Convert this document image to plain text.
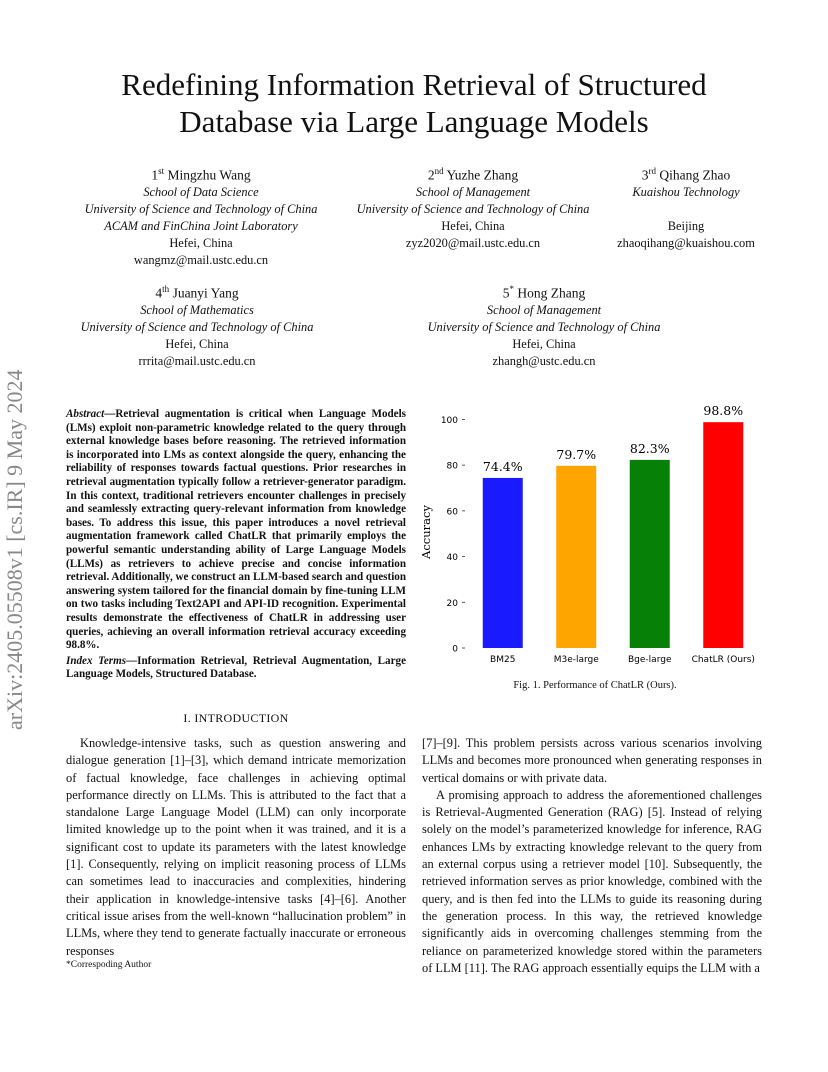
arXiv:2405.05508v1 [cs.IR] 9 May 2024
Redefining Information Retrieval of Structured
Database via Large Language Models
1st Mingzhu Wang
School of Data Science
University of Science and Technology of China
ACAM and FinChina Joint Laboratory
Hefei, China
wangmz@mail.ustc.edu.cn
2nd Yuzhe Zhang
School of Management
University of Science and Technology of China
Hefei, China
zyz2020@mail.ustc.edu.cn
3rd Qihang Zhao
Kuaishou Technology
Beijing
zhaoqihang@kuaishou.com
4th Juanyi Yang
School of Mathematics
University of Science and Technology of China
Hefei, China
rrrita@mail.ustc.edu.cn
5* Hong Zhang
School of Management
University of Science and Technology of China
Hefei, China
zhangh@ustc.edu.cn

Abstract—Retrieval augmentation is critical when Language Models (LMs) exploit non-parametric knowledge related to the query through external knowledge bases before reasoning. The retrieved information is incorporated into LMs as context alongside the query, enhancing the reliability of responses towards factual questions. Prior researches in retrieval augmentation typically follow a retriever-generator paradigm. In this context, traditional retrievers encounter challenges in precisely and seamlessly extracting query-relevant information from knowledge bases. To address this issue, this paper introduces a novel retrieval augmentation framework called ChatLR that primarily employs the powerful semantic understanding ability of Large Language Models (LLMs) as retrievers to achieve precise and concise information retrieval. Additionally, we construct an LLM-based search and question answering system tailored for the financial domain by fine-tuning LLM on two tasks including Text2API and API-ID recognition. Experimental results demonstrate the effectiveness of ChatLR in addressing user queries, achieving an overall information retrieval accuracy exceeding 98.8%.

Index Terms—Information Retrieval, Retrieval Augmentation, Large Language Models, Structured Database.

I. INTRODUCTION

Knowledge-intensive tasks, such as question answering and dialogue generation [1]–[3], which demand intricate memorization of factual knowledge, face challenges in achieving optimal performance directly on LLMs. This is attributed to the fact that a standalone Large Language Model (LLM) can only incorporate limited knowledge up to the point when it was trained, and it is a significant cost to update its parameters with the latest knowledge [1]. Consequently, relying on implicit reasoning process of LLMs can sometimes lead to inaccuracies and complexities, hindering their application in knowledge-intensive tasks [4]–[6]. Another critical issue arises from the well-known “hallucination problem” in LLMs, where they tend to generate factually inaccurate or erroneous responses

*Correspoding Author
0
20
40
60
80
100
BM25	M3e-large	Bge-large ChatLR (Ours)
74.4%
79.7%	82.3%
98.8%
Accuracy
Fig. 1. Performance of ChatLR (Ours).

[7]–[9]. This problem persists across various scenarios involving LLMs and becomes more pronounced when generating responses in vertical domains or with private data.

A promising approach to address the aforementioned challenges is Retrieval-Augmented Generation (RAG) [5]. Instead of relying solely on the model’s parameterized knowledge for inference, RAG enhances LMs by extracting knowledge relevant to the query from an external corpus using a retriever model [10]. Subsequently, the retrieved information serves as prior knowledge, combined with the query, and is then fed into the LLMs to guide its reasoning during the generation process. In this way, the retrieved knowledge significantly aids in overcoming challenges stemming from the reliance on parameterized knowledge stored within the parameters of LLM [11]. The RAG approach essentially equips the LLM with a
